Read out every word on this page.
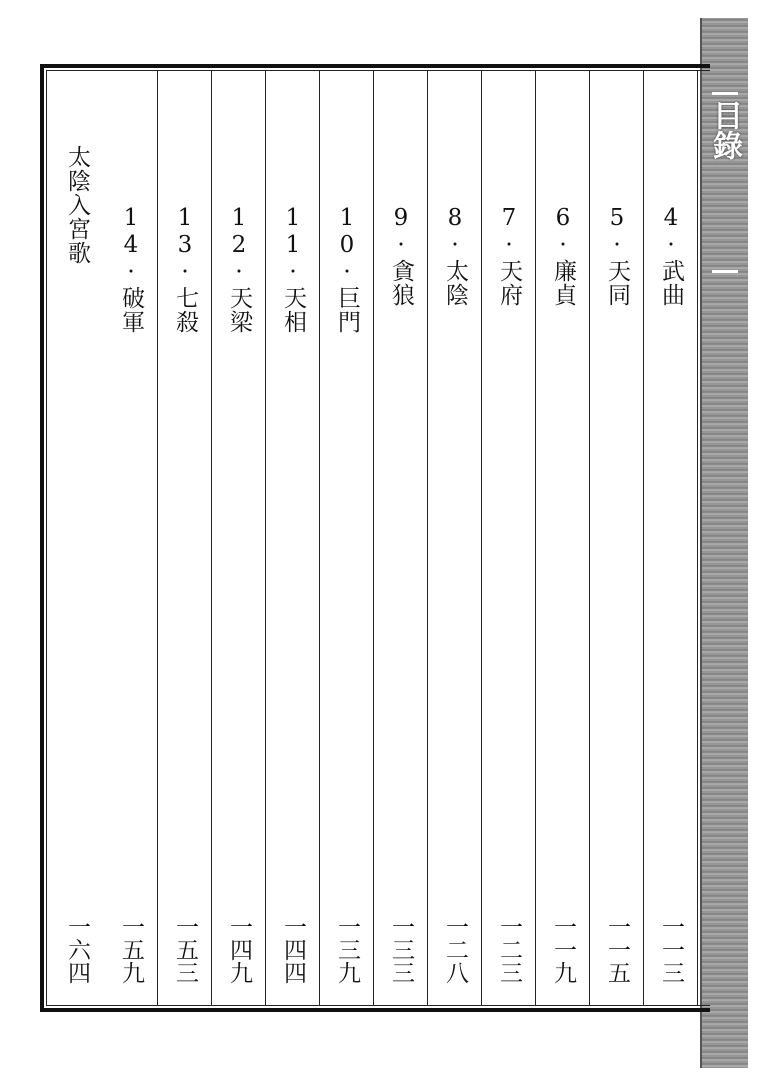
目錄
4·武曲
一一三
5·天同
一一五
6·廉貞
一一九
7·天府
一二三
8·太陰
一二八
9·貪狼
一三三
10·巨門
一三九
11·天相
一四四
12·天梁
一四九
13·七殺
一五三
14·破軍
一五九
太陰入宮歌
一六四
